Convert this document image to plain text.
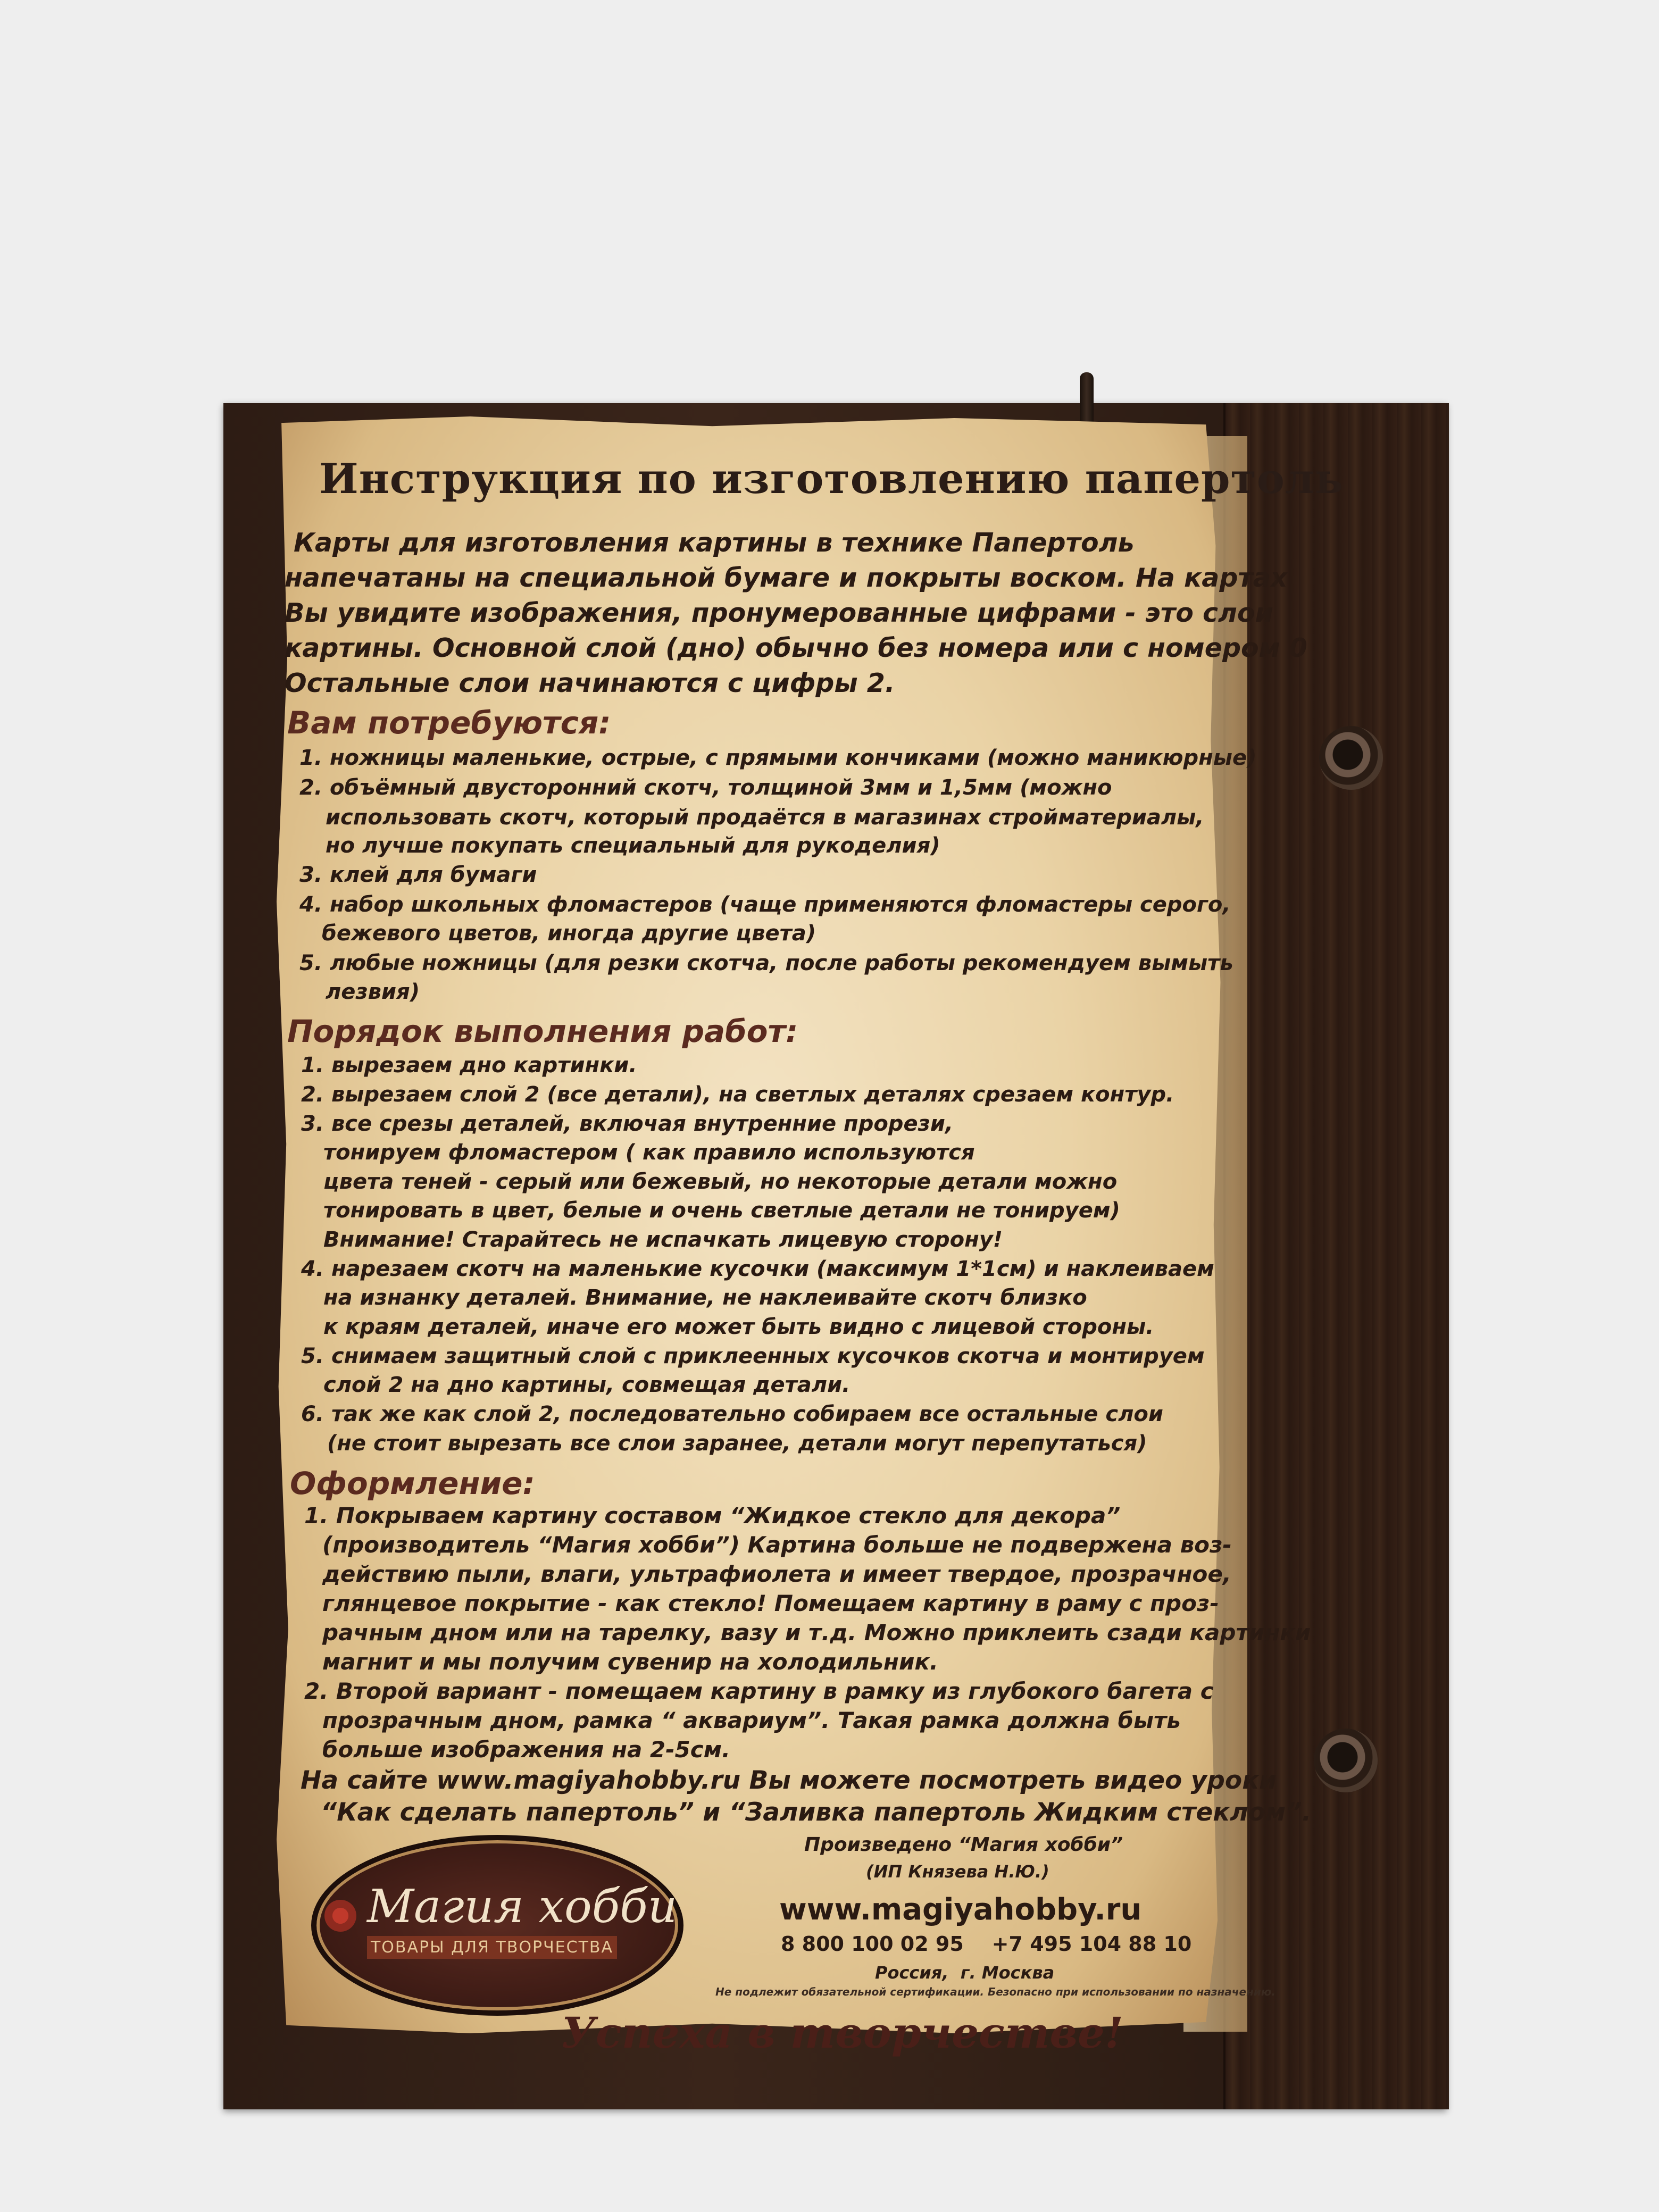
Инструкция по изготовлению папертоль
Карты для изготовления картины в технике Папертоль
напечатаны на специальной бумаге и покрыты воском. На картах
Вы увидите изображения, пронумерованные цифрами - это слои
картины. Основной слой (дно) обычно без номера или с номером 0
Остальные слои начинаются с цифры 2.
Вам потребуются:
1. ножницы маленькие, острые, с прямыми кончиками (можно маникюрные)
2. объёмный двусторонний скотч, толщиной 3мм и 1,5мм (можно
использовать скотч, который продаётся в магазинах стройматериалы,
но лучше покупать специальный для рукоделия)
3. клей для бумаги
4. набор школьных фломастеров (чаще применяются фломастеры серого,
бежевого цветов, иногда другие цвета)
5. любые ножницы (для резки скотча, после работы рекомендуем вымыть
лезвия)
Порядок выполнения работ:
1. вырезаем дно картинки.
2. вырезаем слой 2 (все детали), на светлых деталях срезаем контур.
3. все срезы деталей, включая внутренние прорези,
тонируем фломастером ( как правило используются
цвета теней - серый или бежевый, но некоторые детали можно
тонировать в цвет, белые и очень светлые детали не тонируем)
Внимание! Старайтесь не испачкать лицевую сторону!
4. нарезаем скотч на маленькие кусочки (максимум 1*1см) и наклеиваем
на изнанку деталей. Внимание, не наклеивайте скотч близко
к краям деталей, иначе его может быть видно с лицевой стороны.
5. снимаем защитный слой с приклеенных кусочков скотча и монтируем
слой 2 на дно картины, совмещая детали.
6. так же как слой 2, последовательно собираем все остальные слои
(не стоит вырезать все слои заранее, детали могут перепутаться)
Оформление:
1. Покрываем картину составом “Жидкое стекло для декора”
(производитель “Магия хобби”) Картина больше не подвержена воз-
действию пыли, влаги, ультрафиолета и имеет твердое, прозрачное,
глянцевое покрытие - как стекло! Помещаем картину в раму с проз-
рачным дном или на тарелку, вазу и т.д. Можно приклеить сзади картинки
магнит и мы получим сувенир на холодильник.
2. Второй вариант - помещаем картину в рамку из глубокого багета с
прозрачным дном, рамка “ аквариум”. Такая рамка должна быть
больше изображения на 2-5см.
На сайте www.magiyahobby.ru Вы можете посмотреть видео уроки
“Как сделать папертоль” и “Заливка папертоль Жидким стеклом”.
Произведено “Магия хобби”
(ИП Князева Н.Ю.)
www.magiyahobby.ru
8 800 100 02 95    +7 495 104 88 10
Россия,  г. Москва
Не подлежит обязательной сертификации. Безопасно при использовании по назначению.
Магия хобби
ТОВАРЫ ДЛЯ ТВОРЧЕСТВА
Успеха в творчестве!
